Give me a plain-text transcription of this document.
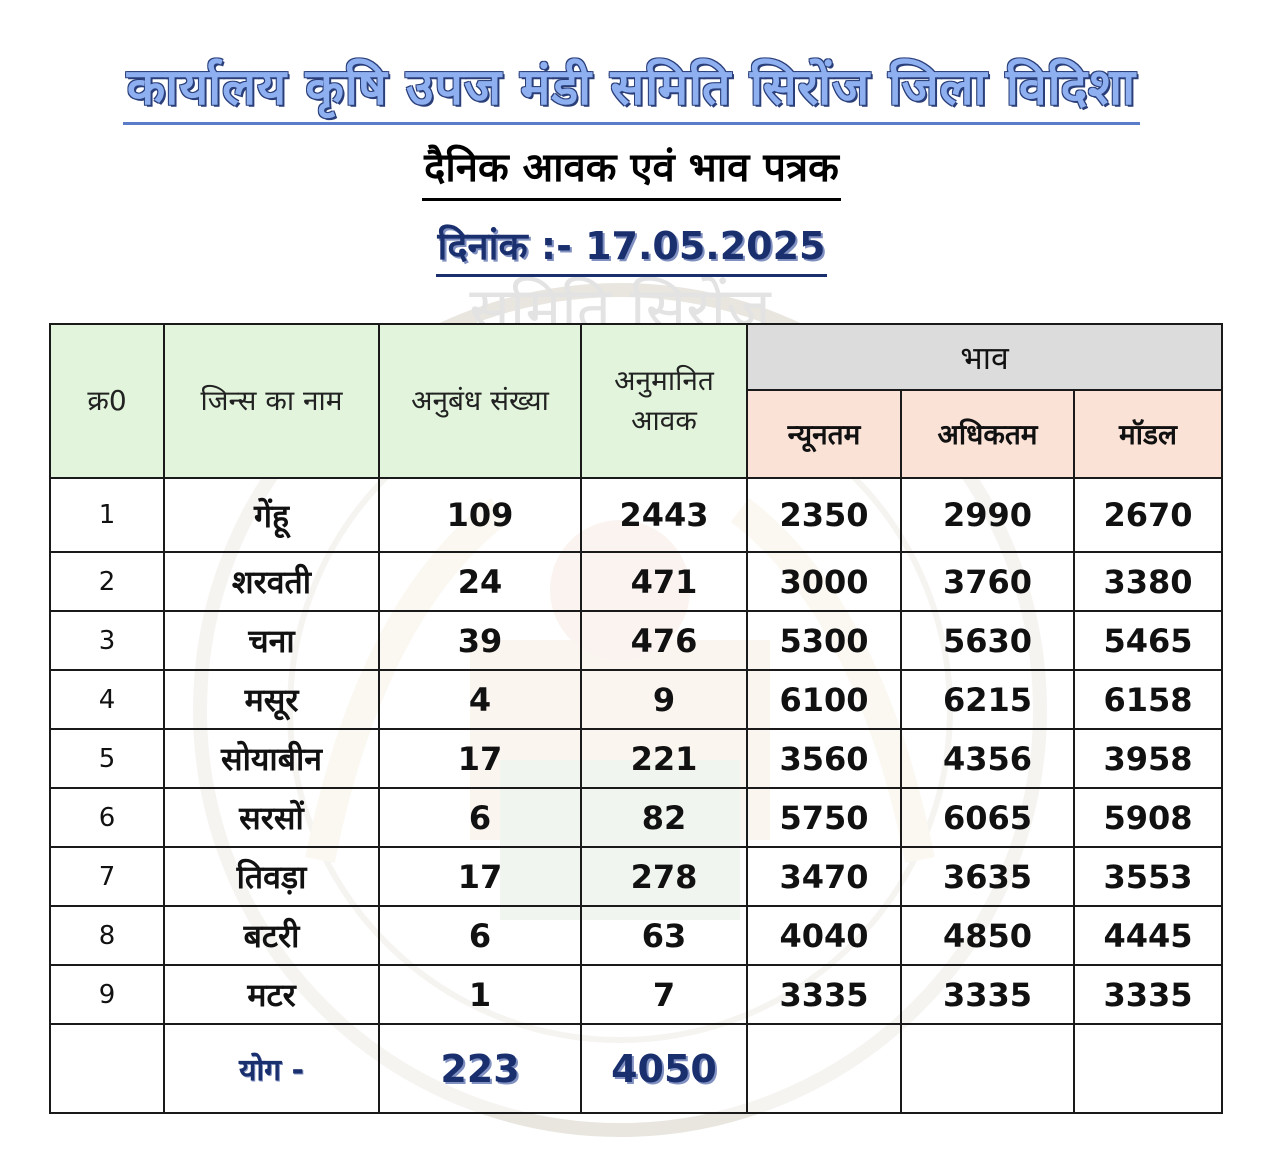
समिति सिरोंज
कार्यालय कृषि उपज मंडी समिति सिरोंज जिला विदिशा
दैनिक आवक एवं भाव पत्रक
दिनांक :- 17.05.2025
क्र0	जिन्स का नाम	अनुबंध संख्या	अनुमानित आवक	भाव		
				न्यूनतम	अधिकतम	मॉडल
1	गेंहू	109	2443	2350	2990	2670
2	शरवती	24	471	3000	3760	3380
3	चना	39	476	5300	5630	5465
4	मसूर	4	9	6100	6215	6158
5	सोयाबीन	17	221	3560	4356	3958
6	सरसों	6	82	5750	6065	5908
7	तिवड़ा	17	278	3470	3635	3553
8	बटरी	6	63	4040	4850	4445
9	मटर	1	7	3335	3335	3335
	योग -	223	4050			
